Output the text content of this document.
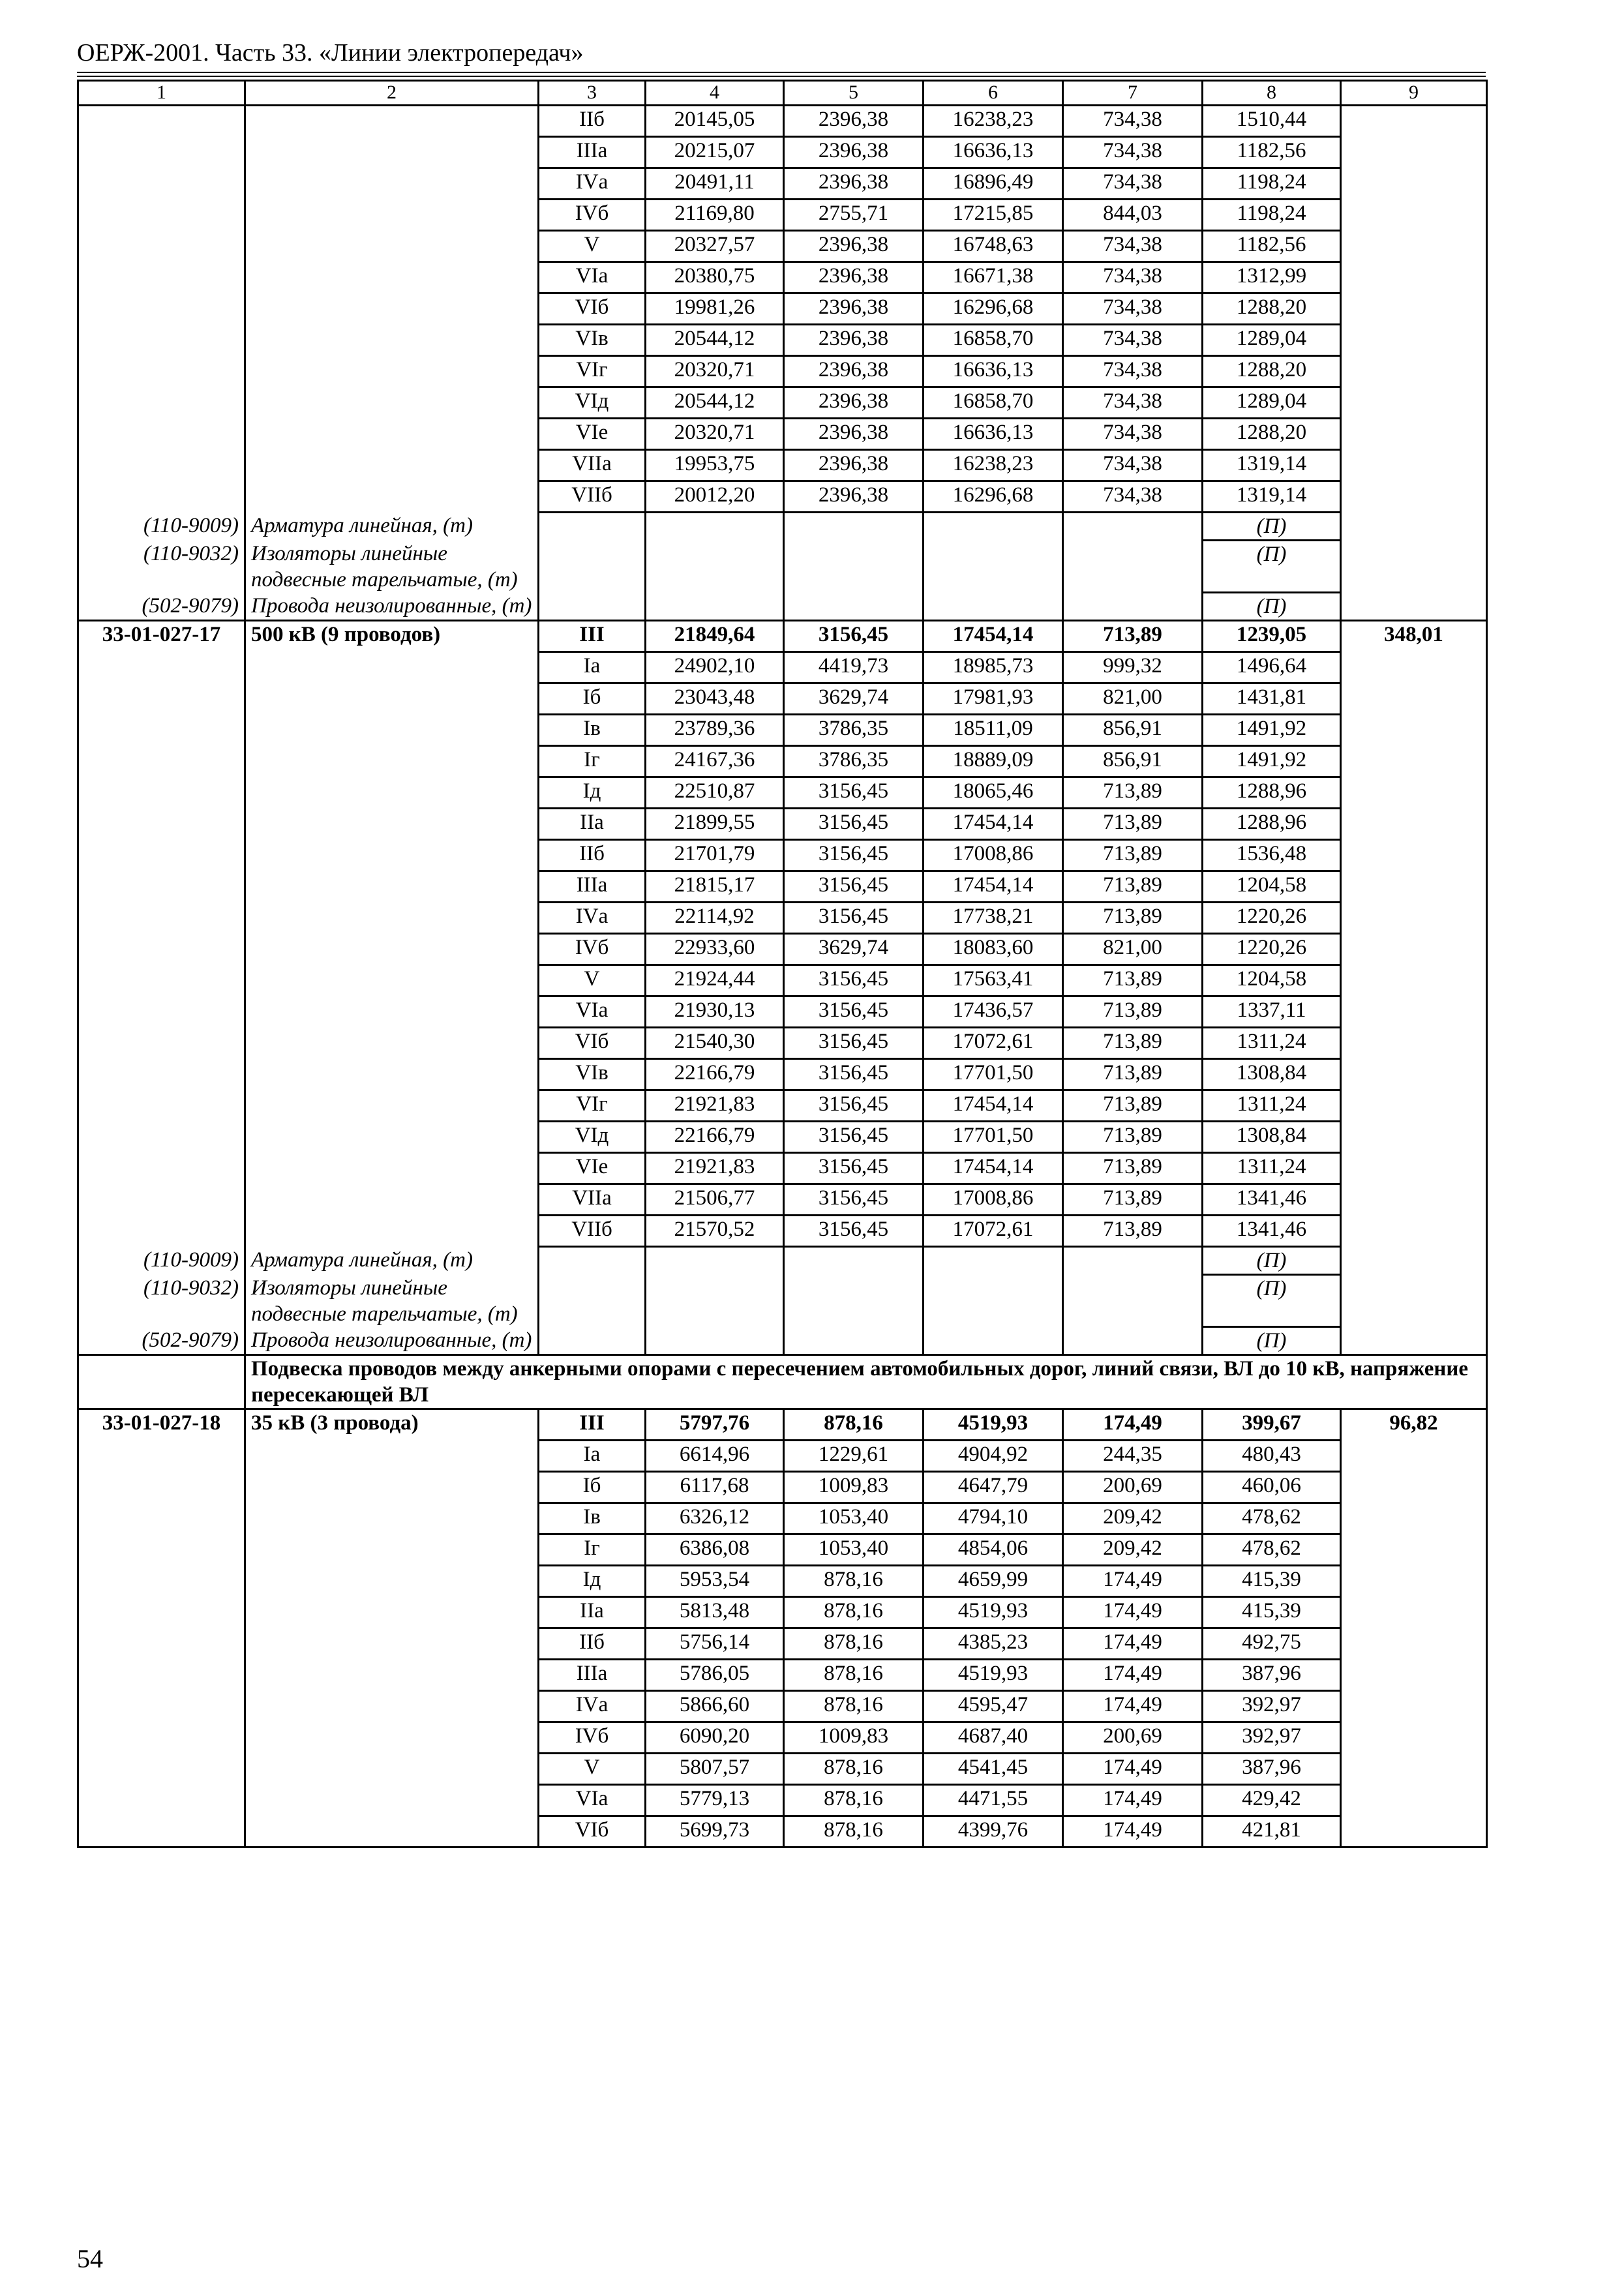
ОЕРЖ-2001. Часть 33. «Линии электропередач»
1	2	3	4	5	6	7	8	9
		IIб	20145,05	2396,38	16238,23	734,38	1510,44	
		IIIа	20215,07	2396,38	16636,13	734,38	1182,56	
		IVа	20491,11	2396,38	16896,49	734,38	1198,24	
		IVб	21169,80	2755,71	17215,85	844,03	1198,24	
		V	20327,57	2396,38	16748,63	734,38	1182,56	
		VIа	20380,75	2396,38	16671,38	734,38	1312,99	
		VIб	19981,26	2396,38	16296,68	734,38	1288,20	
		VIв	20544,12	2396,38	16858,70	734,38	1289,04	
		VIг	20320,71	2396,38	16636,13	734,38	1288,20	
		VIд	20544,12	2396,38	16858,70	734,38	1289,04	
		VIе	20320,71	2396,38	16636,13	734,38	1288,20	
		VIIа	19953,75	2396,38	16238,23	734,38	1319,14	
		VIIб	20012,20	2396,38	16296,68	734,38	1319,14	
(110-9009)	Арматура линейная, (т)						(П)	
(110-9032)	Изоляторы линейные подвесные тарельчатые, (т)						(П)	
(502-9079)	Провода неизолированные, (т)						(П)	
33-01-027-17	500 кВ (9 проводов)	III	21849,64	3156,45	17454,14	713,89	1239,05	348,01
		Iа	24902,10	4419,73	18985,73	999,32	1496,64	
		Iб	23043,48	3629,74	17981,93	821,00	1431,81	
		Iв	23789,36	3786,35	18511,09	856,91	1491,92	
		Iг	24167,36	3786,35	18889,09	856,91	1491,92	
		Iд	22510,87	3156,45	18065,46	713,89	1288,96	
		IIа	21899,55	3156,45	17454,14	713,89	1288,96	
		IIб	21701,79	3156,45	17008,86	713,89	1536,48	
		IIIа	21815,17	3156,45	17454,14	713,89	1204,58	
		IVа	22114,92	3156,45	17738,21	713,89	1220,26	
		IVб	22933,60	3629,74	18083,60	821,00	1220,26	
		V	21924,44	3156,45	17563,41	713,89	1204,58	
		VIа	21930,13	3156,45	17436,57	713,89	1337,11	
		VIб	21540,30	3156,45	17072,61	713,89	1311,24	
		VIв	22166,79	3156,45	17701,50	713,89	1308,84	
		VIг	21921,83	3156,45	17454,14	713,89	1311,24	
		VIд	22166,79	3156,45	17701,50	713,89	1308,84	
		VIе	21921,83	3156,45	17454,14	713,89	1311,24	
		VIIа	21506,77	3156,45	17008,86	713,89	1341,46	
		VIIб	21570,52	3156,45	17072,61	713,89	1341,46	
(110-9009)	Арматура линейная, (т)						(П)	
(110-9032)	Изоляторы линейные подвесные тарельчатые, (т)						(П)	
(502-9079)	Провода неизолированные, (т)						(П)	
	Подвеска проводов между анкерными опорами с пересечением автомобильных дорог, линий связи, ВЛ до 10 кВ, напряжение пересекающей ВЛ							
33-01-027-18	35 кВ (3 провода)	III	5797,76	878,16	4519,93	174,49	399,67	96,82
		Iа	6614,96	1229,61	4904,92	244,35	480,43	
		Iб	6117,68	1009,83	4647,79	200,69	460,06	
		Iв	6326,12	1053,40	4794,10	209,42	478,62	
		Iг	6386,08	1053,40	4854,06	209,42	478,62	
		Iд	5953,54	878,16	4659,99	174,49	415,39	
		IIа	5813,48	878,16	4519,93	174,49	415,39	
		IIб	5756,14	878,16	4385,23	174,49	492,75	
		IIIа	5786,05	878,16	4519,93	174,49	387,96	
		IVа	5866,60	878,16	4595,47	174,49	392,97	
		IVб	6090,20	1009,83	4687,40	200,69	392,97	
		V	5807,57	878,16	4541,45	174,49	387,96	
		VIа	5779,13	878,16	4471,55	174,49	429,42	
		VIб	5699,73	878,16	4399,76	174,49	421,81	
54
